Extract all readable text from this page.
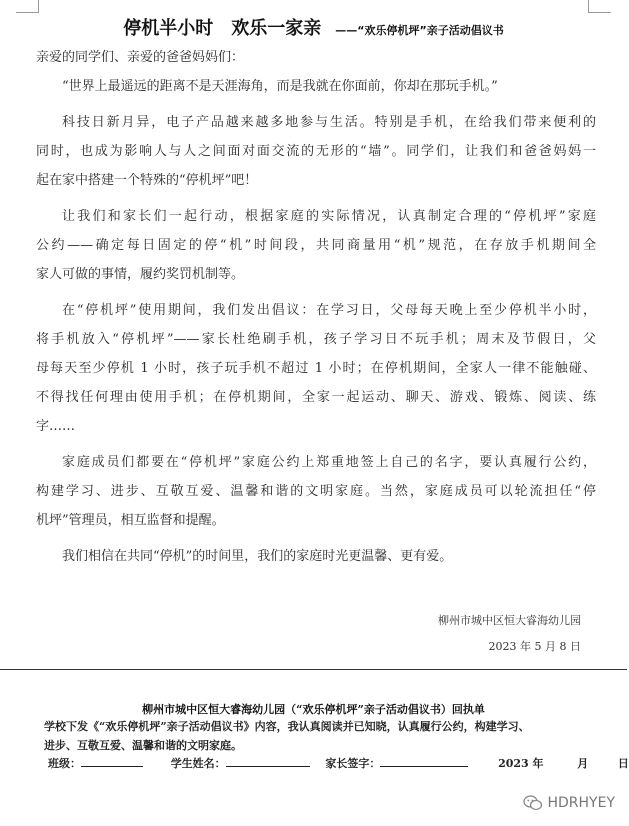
停机半小时　欢乐一家亲 ——“欢乐停机坪”亲子活动倡议书
亲爱的同学们、亲爱的爸爸妈妈们：
“世界上最遥远的距离不是天涯海角，而是我就在你面前，你却在那玩手机。”
科技日新月异，电子产品越来越多地参与生活。特别是手机，在给我们带来便利的
同时，也成为影响人与人之间面对面交流的无形的“墙”。同学们，让我们和爸爸妈妈一
起在家中搭建一个特殊的“停机坪”吧！
让我们和家长们一起行动，根据家庭的实际情况，认真制定合理的“停机坪”家庭
公约——确定每日固定的停“机”时间段，共同商量用“机”规范，在存放手机期间全
家人可做的事情，履约奖罚机制等。
在“停机坪”使用期间，我们发出倡议：在学习日，父母每天晚上至少停机半小时，
将手机放入“停机坪”——家长杜绝刷手机，孩子学习日不玩手机；周末及节假日，父
母每天至少停机 1 小时，孩子玩手机不超过 1 小时；在停机期间，全家人一律不能触碰、
不得找任何理由使用手机；在停机期间，全家一起运动、聊天、游戏、锻炼、阅读、练
字……
家庭成员们都要在“停机坪”家庭公约上郑重地签上自己的名字，要认真履行公约，
构建学习、进步、互敬互爱、温馨和谐的文明家庭。当然，家庭成员可以轮流担任“停
机坪”管理员，相互监督和提醒。
我们相信在共同“停机”的时间里，我们的家庭时光更温馨、更有爱。
柳州市城中区恒大睿海幼儿园
2023 年 5 月 8 日
柳州市城中区恒大睿海幼儿园（“欢乐停机坪”亲子活动倡议书）回执单
学校下发《“欢乐停机坪”亲子活动倡议书》内容，我认真阅读并已知晓，认真履行公约，构建学习、
进步、互敬互爱、温馨和谐的文明家庭。
班级：	学生姓名：	家长签字：	2023 年	月	日
HDRHYEY
